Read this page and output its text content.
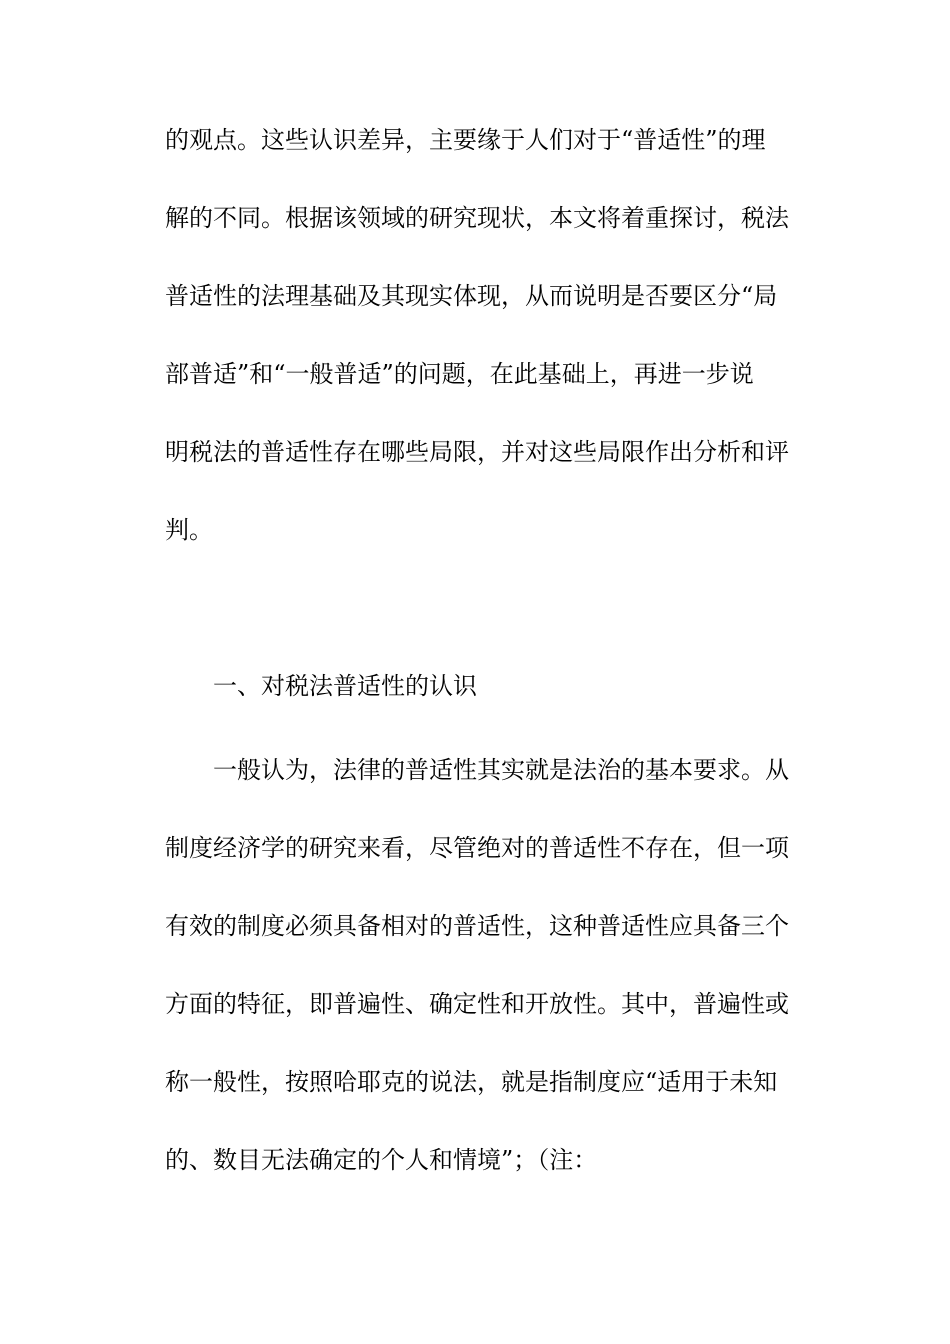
的观点。这些认识差异，主要缘于人们对于“普适性”的理
解的不同。根据该领域的研究现状，本文将着重探讨，税法
普适性的法理基础及其现实体现，从而说明是否要区分“局
部普适”和“一般普适”的问题，在此基础上，再进一步说
明税法的普适性存在哪些局限，并对这些局限作出分析和评
判。
一、对税法普适性的认识
一般认为，法律的普适性其实就是法治的基本要求。从
制度经济学的研究来看，尽管绝对的普适性不存在，但一项
有效的制度必须具备相对的普适性，这种普适性应具备三个
方面的特征，即普遍性、确定性和开放性。其中，普遍性或
称一般性，按照哈耶克的说法，就是指制度应“适用于未知
的、数目无法确定的个人和情境”；（注：
